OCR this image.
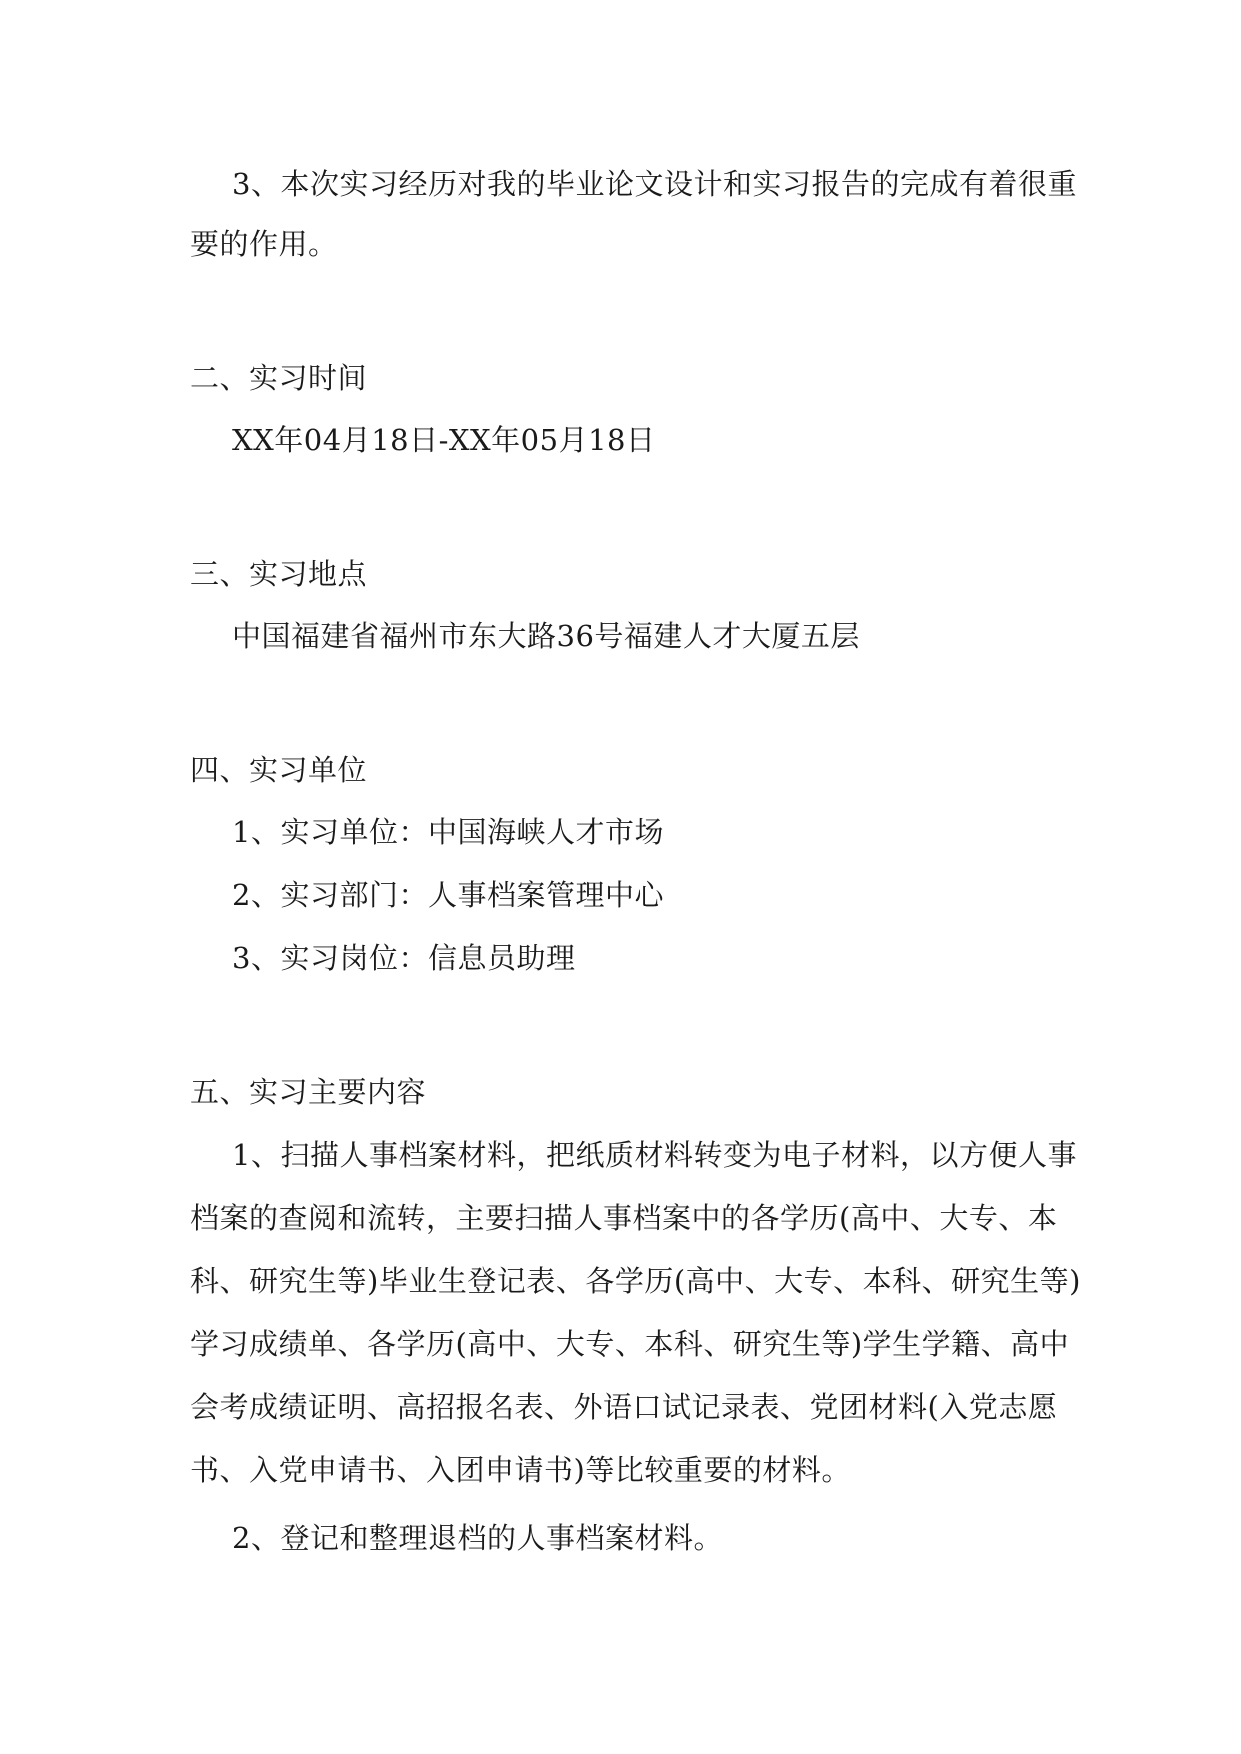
3、本次实习经历对我的毕业论文设计和实习报告的完成有着很重
要的作用。
二、实习时间
XX年04月18日-XX年05月18日
三、实习地点
中国福建省福州市东大路36号福建人才大厦五层
四、实习单位
1、实习单位：中国海峡人才市场
2、实习部门：人事档案管理中心
3、实习岗位：信息员助理
五、实习主要内容
1、扫描人事档案材料，把纸质材料转变为电子材料，以方便人事
档案的查阅和流转，主要扫描人事档案中的各学历(高中、大专、本
科、研究生等)毕业生登记表、各学历(高中、大专、本科、研究生等)
学习成绩单、各学历(高中、大专、本科、研究生等)学生学籍、高中
会考成绩证明、高招报名表、外语口试记录表、党团材料(入党志愿
书、入党申请书、入团申请书)等比较重要的材料。
2、登记和整理退档的人事档案材料。
